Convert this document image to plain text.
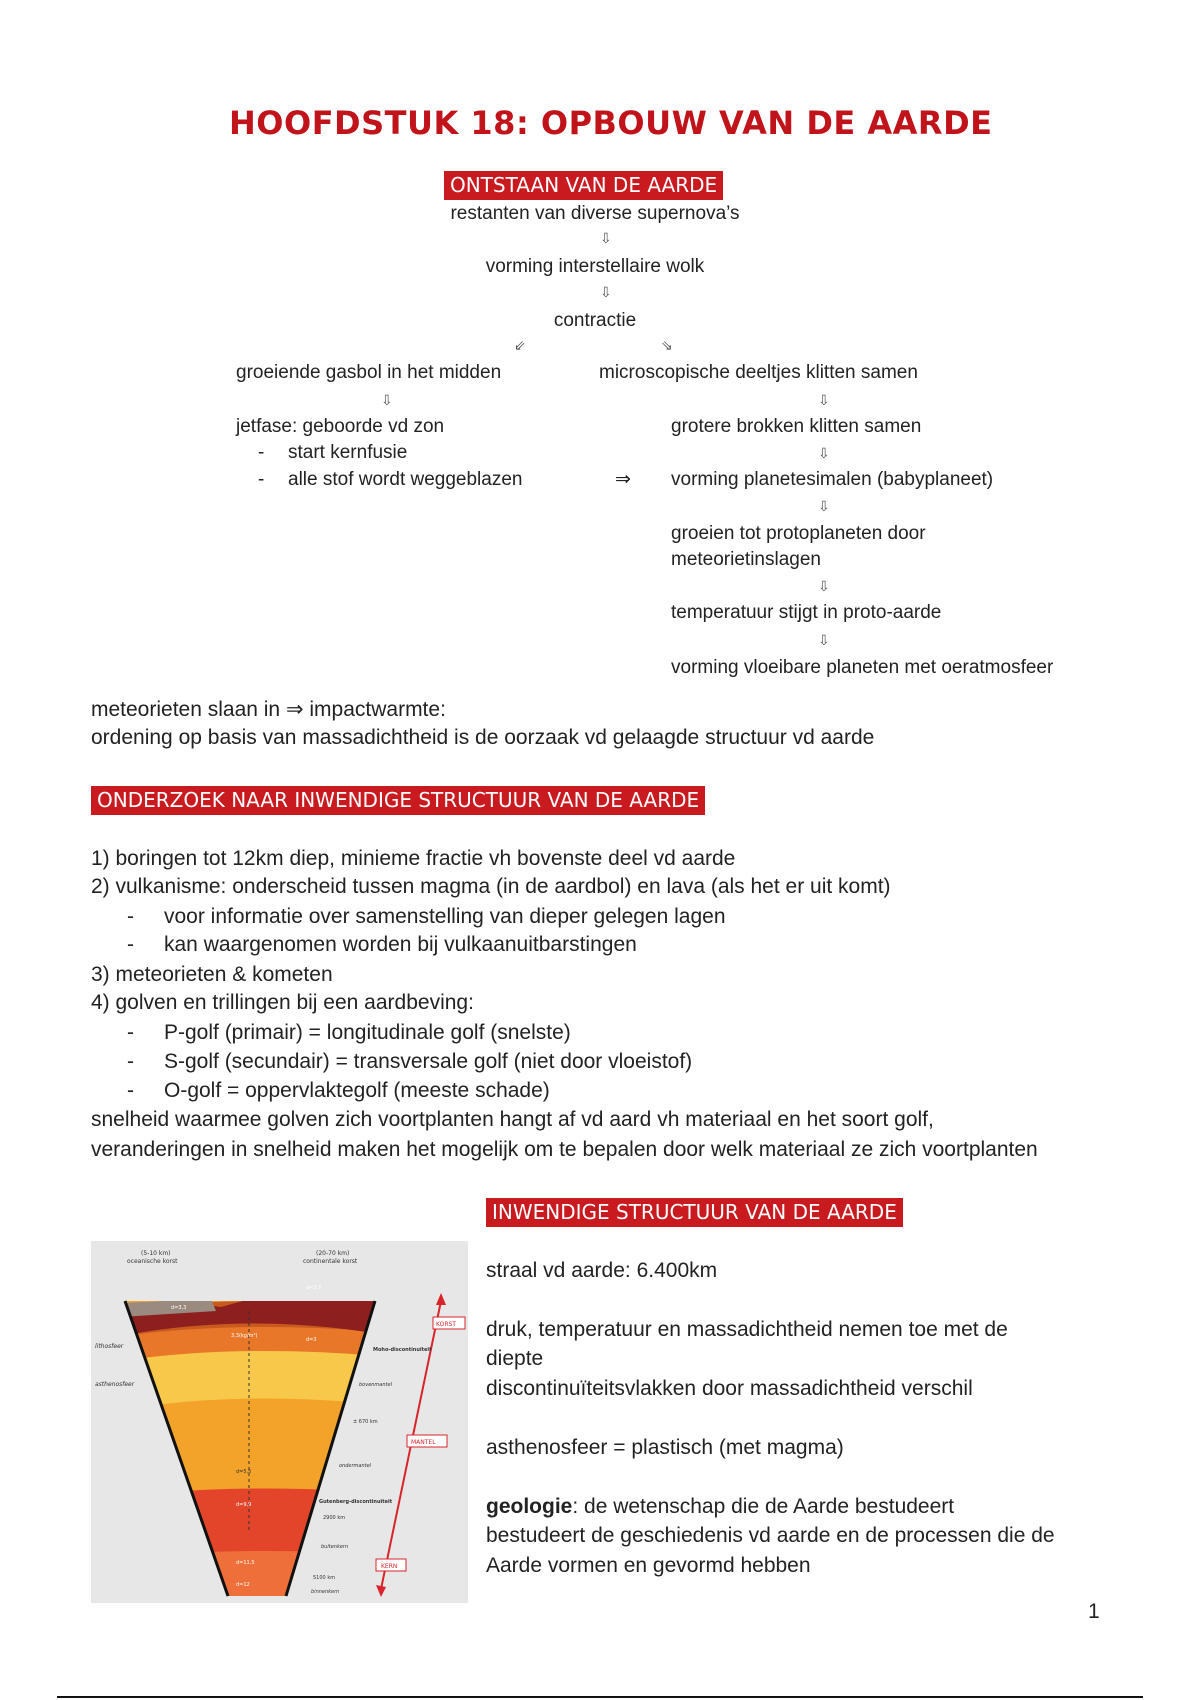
HOOFDSTUK 18: OPBOUW VAN DE AARDE
ONTSTAAN VAN DE AARDE
restanten van diverse supernova’s
⇩
vorming interstellaire wolk
⇩
contractie
⇙	⇘
groeiende gasbol in het midden
⇩
jetfase: geboorde vd zon
- start kernfusie
- alle stof wordt weggeblazen	⇒
microscopische deeltjes klitten samen
⇩
grotere brokken klitten samen
⇩
vorming planetesimalen (babyplaneet)
⇩
groeien tot protoplaneten door
meteorietinslagen
⇩
temperatuur stijgt in proto-aarde
⇩
vorming vloeibare planeten met oeratmosfeer
meteorieten slaan in ⇒ impactwarmte:
ordening op basis van massadichtheid is de oorzaak vd gelaagde structuur vd aarde
ONDERZOEK NAAR INWENDIGE STRUCTUUR VAN DE AARDE
1) boringen tot 12km diep, minieme fractie vh bovenste deel vd aarde
2) vulkanisme: onderscheid tussen magma (in de aardbol) en lava (als het er uit komt)
- voor informatie over samenstelling van dieper gelegen lagen
- kan waargenomen worden bij vulkaanuitbarstingen
3) meteorieten & kometen
4) golven en trillingen bij een aardbeving:
- P-golf (primair) = longitudinale golf (snelste)
- S-golf (secundair) = transversale golf (niet door vloeistof)
- O-golf = oppervlaktegolf (meeste schade)
snelheid waarmee golven zich voortplanten hangt af vd aard vh materiaal en het soort golf,
veranderingen in snelheid maken het mogelijk om te bepalen door welk materiaal ze zich voortplanten
INWENDIGE STRUCTUUR VAN DE AARDE
straal vd aarde: 6.400km
druk, temperatuur en massadichtheid nemen toe met de
diepte
discontinuïteitsvlakken door massadichtheid verschil
asthenosfeer = plastisch (met magma)
geologie: de wetenschap die de Aarde bestudeert
bestudeert de geschiedenis vd aarde en de processen die de
Aarde vormen en gevormd hebben
(5-10 km)
oceanische korst
(20-70 km)
continentale korst
lithosfeer
asthenosfeer
KORST
MANTEL
KERN
Moho-discontinuïteit
bovenmantel
± 670 km
ondermantel
Gutenberg-discontinuïteit
2900 km
buitenkern
5100 km
binnenkern
d=3,3
d=2,7
d=3
3,3(kg/m³)
d=5,5
d=9,9
d=11,5
d=12
1
